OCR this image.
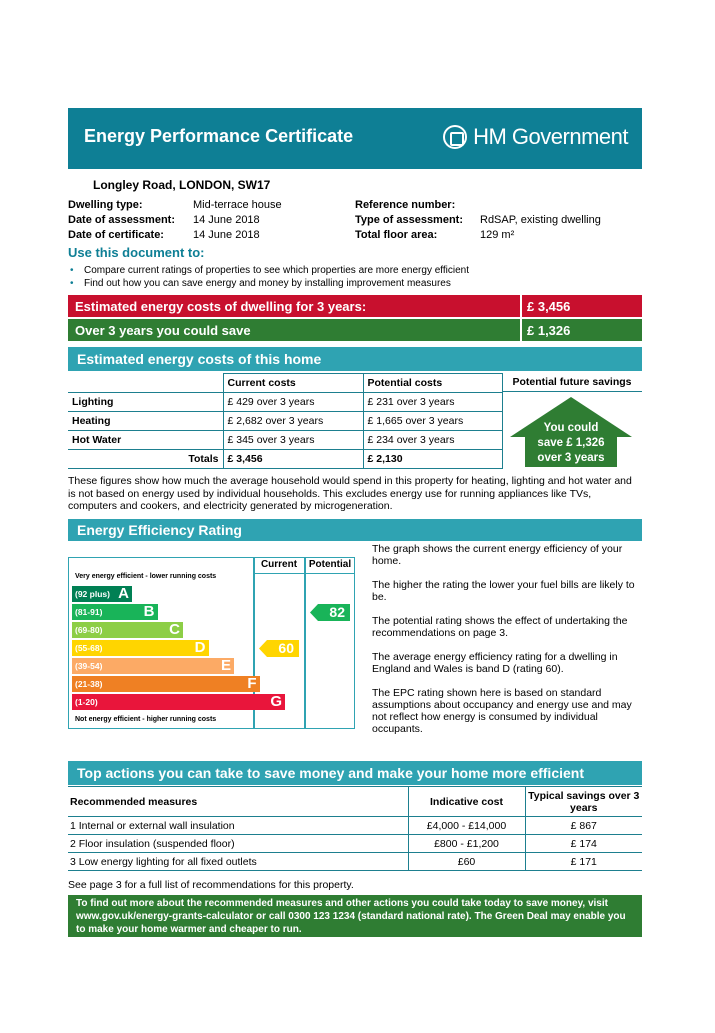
Energy Performance Certificate	HM Government
Longley Road, LONDON, SW17
Dwelling type:	Mid-terrace house
Date of assessment: 14 June 2018
Date of certificate:	14 June 2018
Reference number:
Type of assessment: RdSAP, existing dwelling
Total floor area:	129 m²
Use this document to:
• Compare current ratings of properties to see which properties are more energy efficient
• Find out how you can save energy and money by installing improvement measures
Estimated energy costs of dwelling for 3 years:	£ 3,456
Over 3 years you could save	£ 1,326
Estimated energy costs of this home
	Current costs	Potential costs
Lighting	£ 429 over 3 years	£ 231 over 3 years
Heating	£ 2,682 over 3 years	£ 1,665 over 3 years
Hot Water	£ 345 over 3 years	£ 234 over 3 years
Totals	£ 3,456	£ 2,130
Potential future savings
You could
save £ 1,326
over 3 years
These figures show how much the average household would spend in this property for heating, lighting and hot water and is not based on energy used by individual households. This excludes energy use for running appliances like TVs, computers and cookers, and electricity generated by microgeneration.
Energy Efficiency Rating
Current	Potential
Very energy efficient - lower running costs
(92 plus) A
(81-91)	B
(69-80)	C
(55-68)	D
(39-54)	E
(21-38)	F
(1-20)	G
Not energy efficient - higher running costs
60
82
The graph shows the current energy efficiency of your home.
The higher the rating the lower your fuel bills are likely to be.
The potential rating shows the effect of undertaking the recommendations on page 3.
The average energy efficiency rating for a dwelling in England and Wales is band D (rating 60).
The EPC rating shown here is based on standard assumptions about occupancy and energy use and may not reflect how energy is consumed by individual occupants.
Top actions you can take to save money and make your home more efficient
Recommended measures	Indicative cost	Typical savings over 3 years
1 Internal or external wall insulation	£4,000 - £14,000	£ 867
2 Floor insulation (suspended floor)	£800 - £1,200	£ 174
3 Low energy lighting for all fixed outlets	£60	£ 171
See page 3 for a full list of recommendations for this property.
To find out more about the recommended measures and other actions you could take today to save money, visit www.gov.uk/energy-grants-calculator or call 0300 123 1234 (standard national rate). The Green Deal may enable you to make your home warmer and cheaper to run.
